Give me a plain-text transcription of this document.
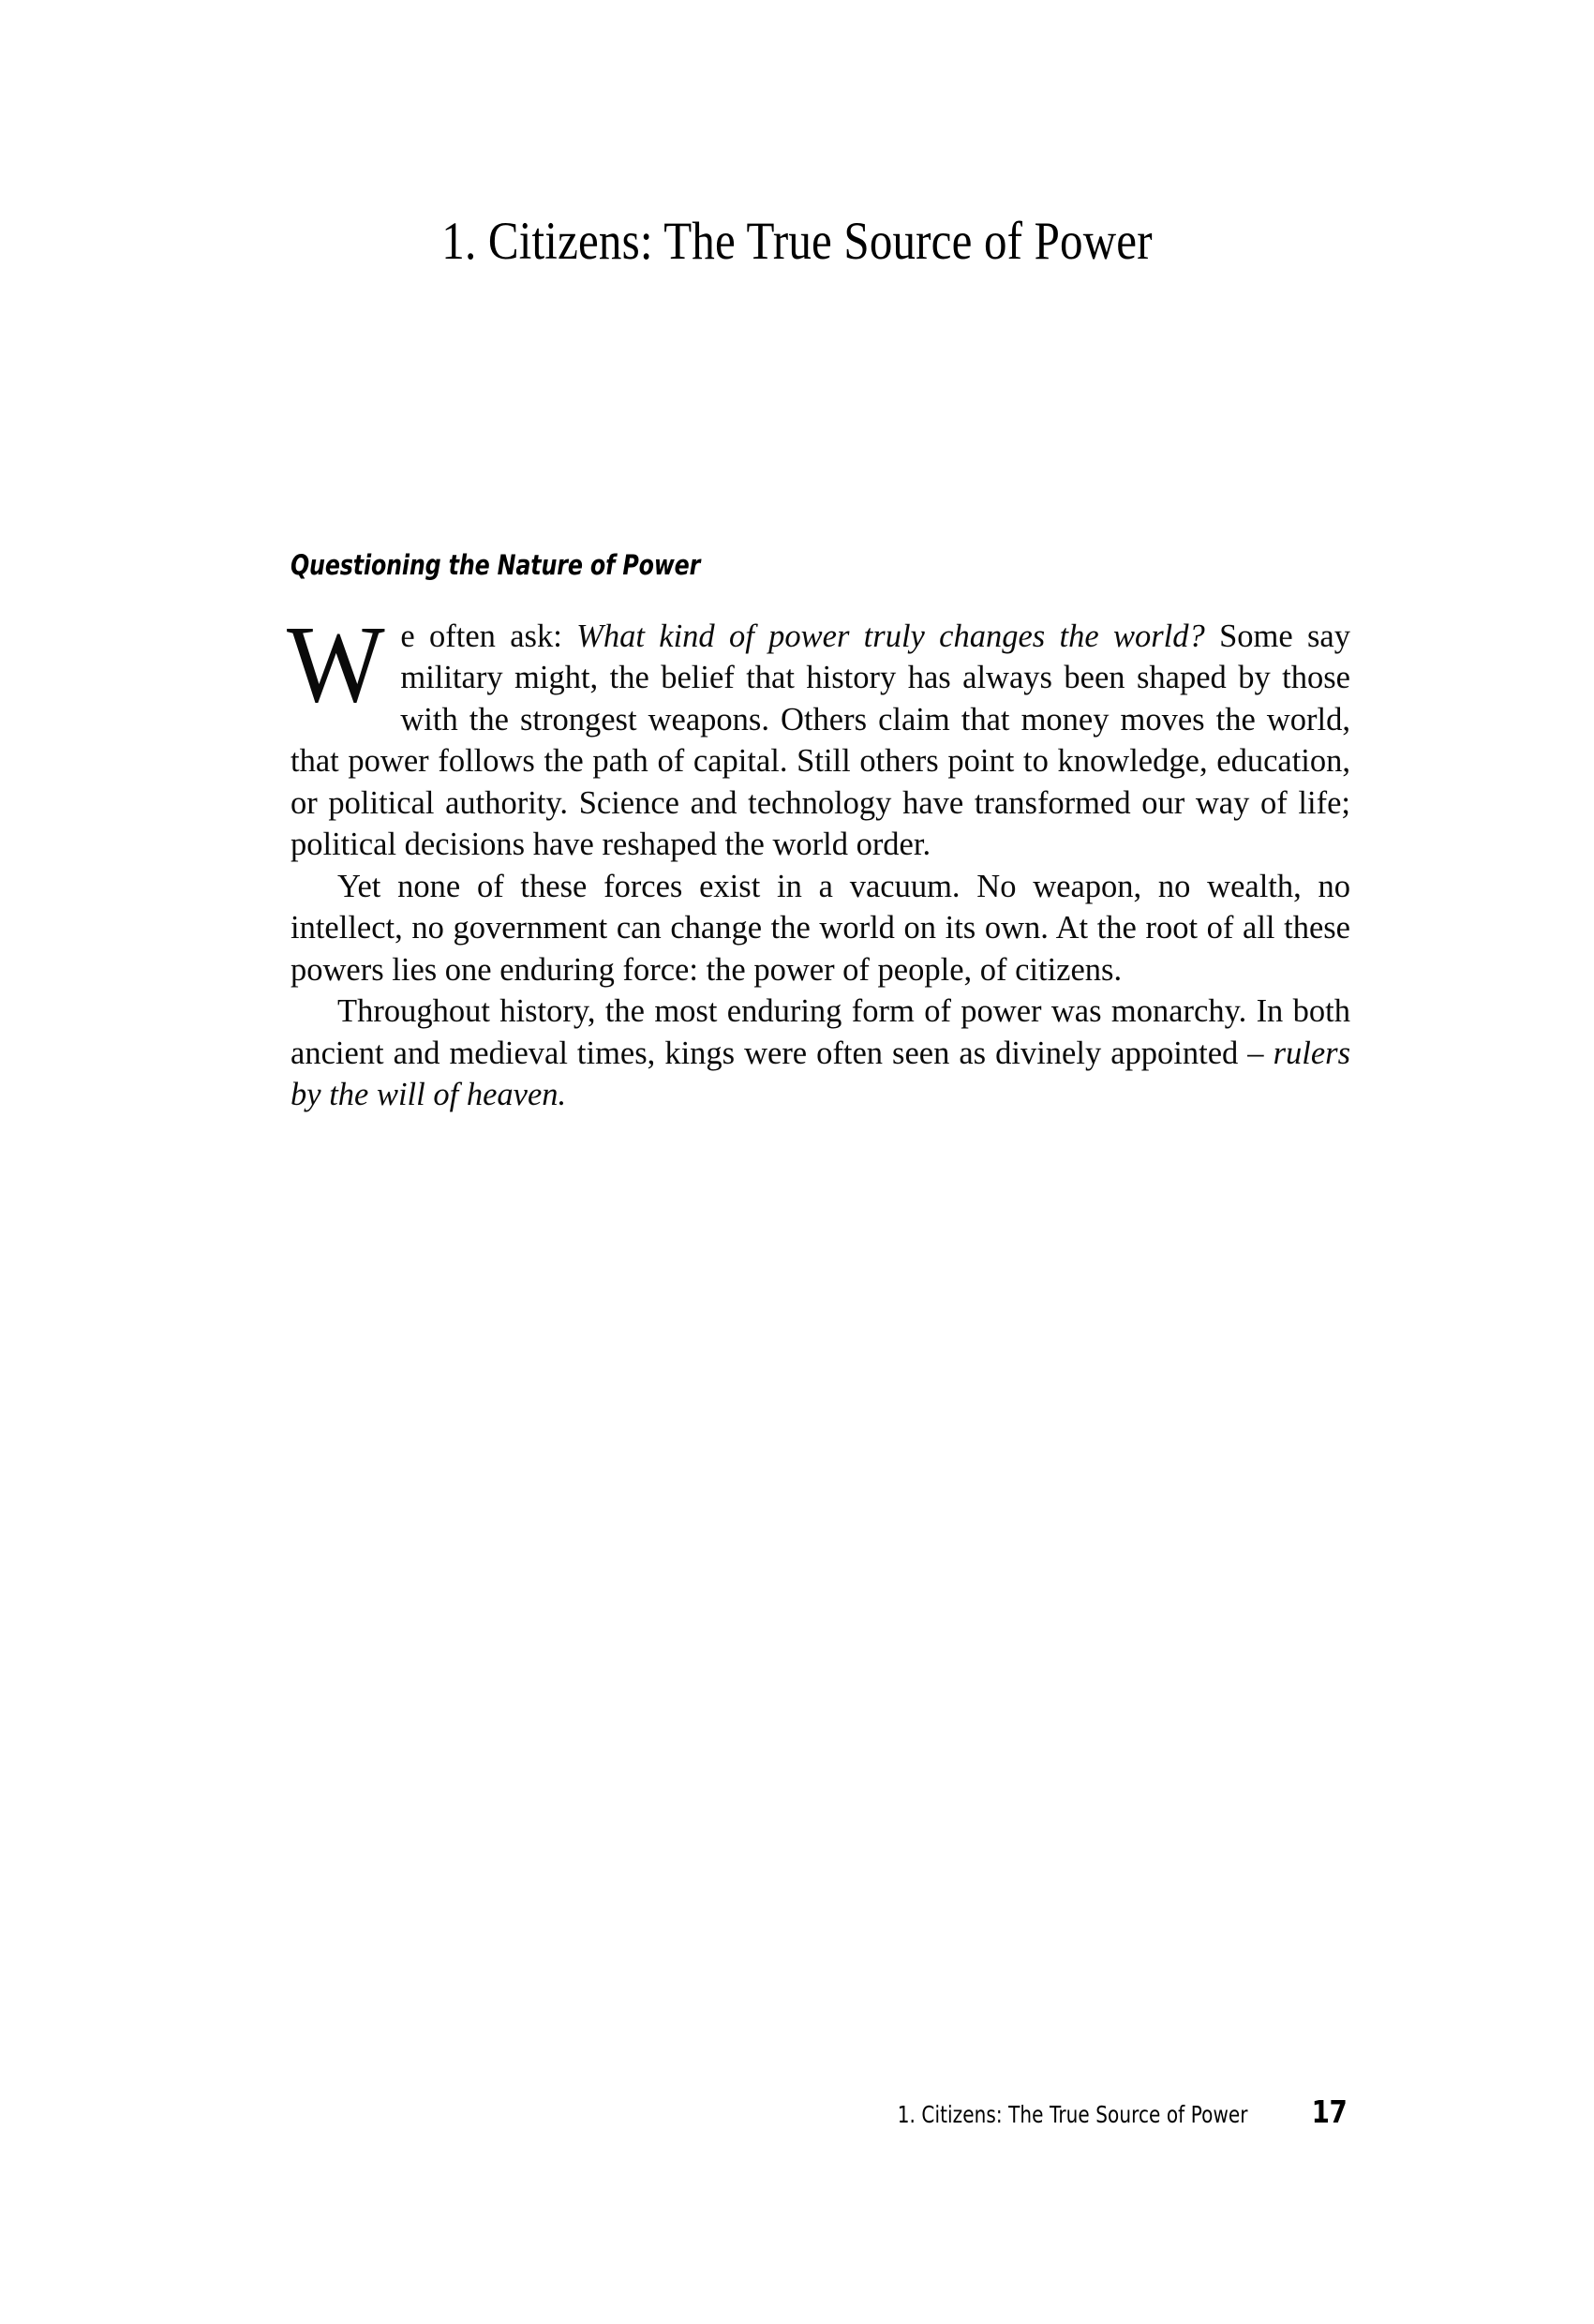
1. Citizens: The True Source of Power
Questioning the Nature of Power

We often ask: What kind of power truly changes the world? Some say military might, the belief that history has always been shaped by those with the strongest weapons. Others claim that money moves the world, that power follows the path of capital. Still others point to knowledge, education, or political authority. Science and technology have transformed our way of life; political decisions have reshaped the world order.

Yet none of these forces exist in a vacuum. No weapon, no wealth, no intellect, no government can change the world on its own. At the root of all these powers lies one enduring force: the power of people, of citizens.

Throughout history, the most enduring form of power was monarchy. In both ancient and medieval times, kings were often seen as divinely appointed – rulers by the will of heaven.

1. Citizens: The True Source of Power 17
